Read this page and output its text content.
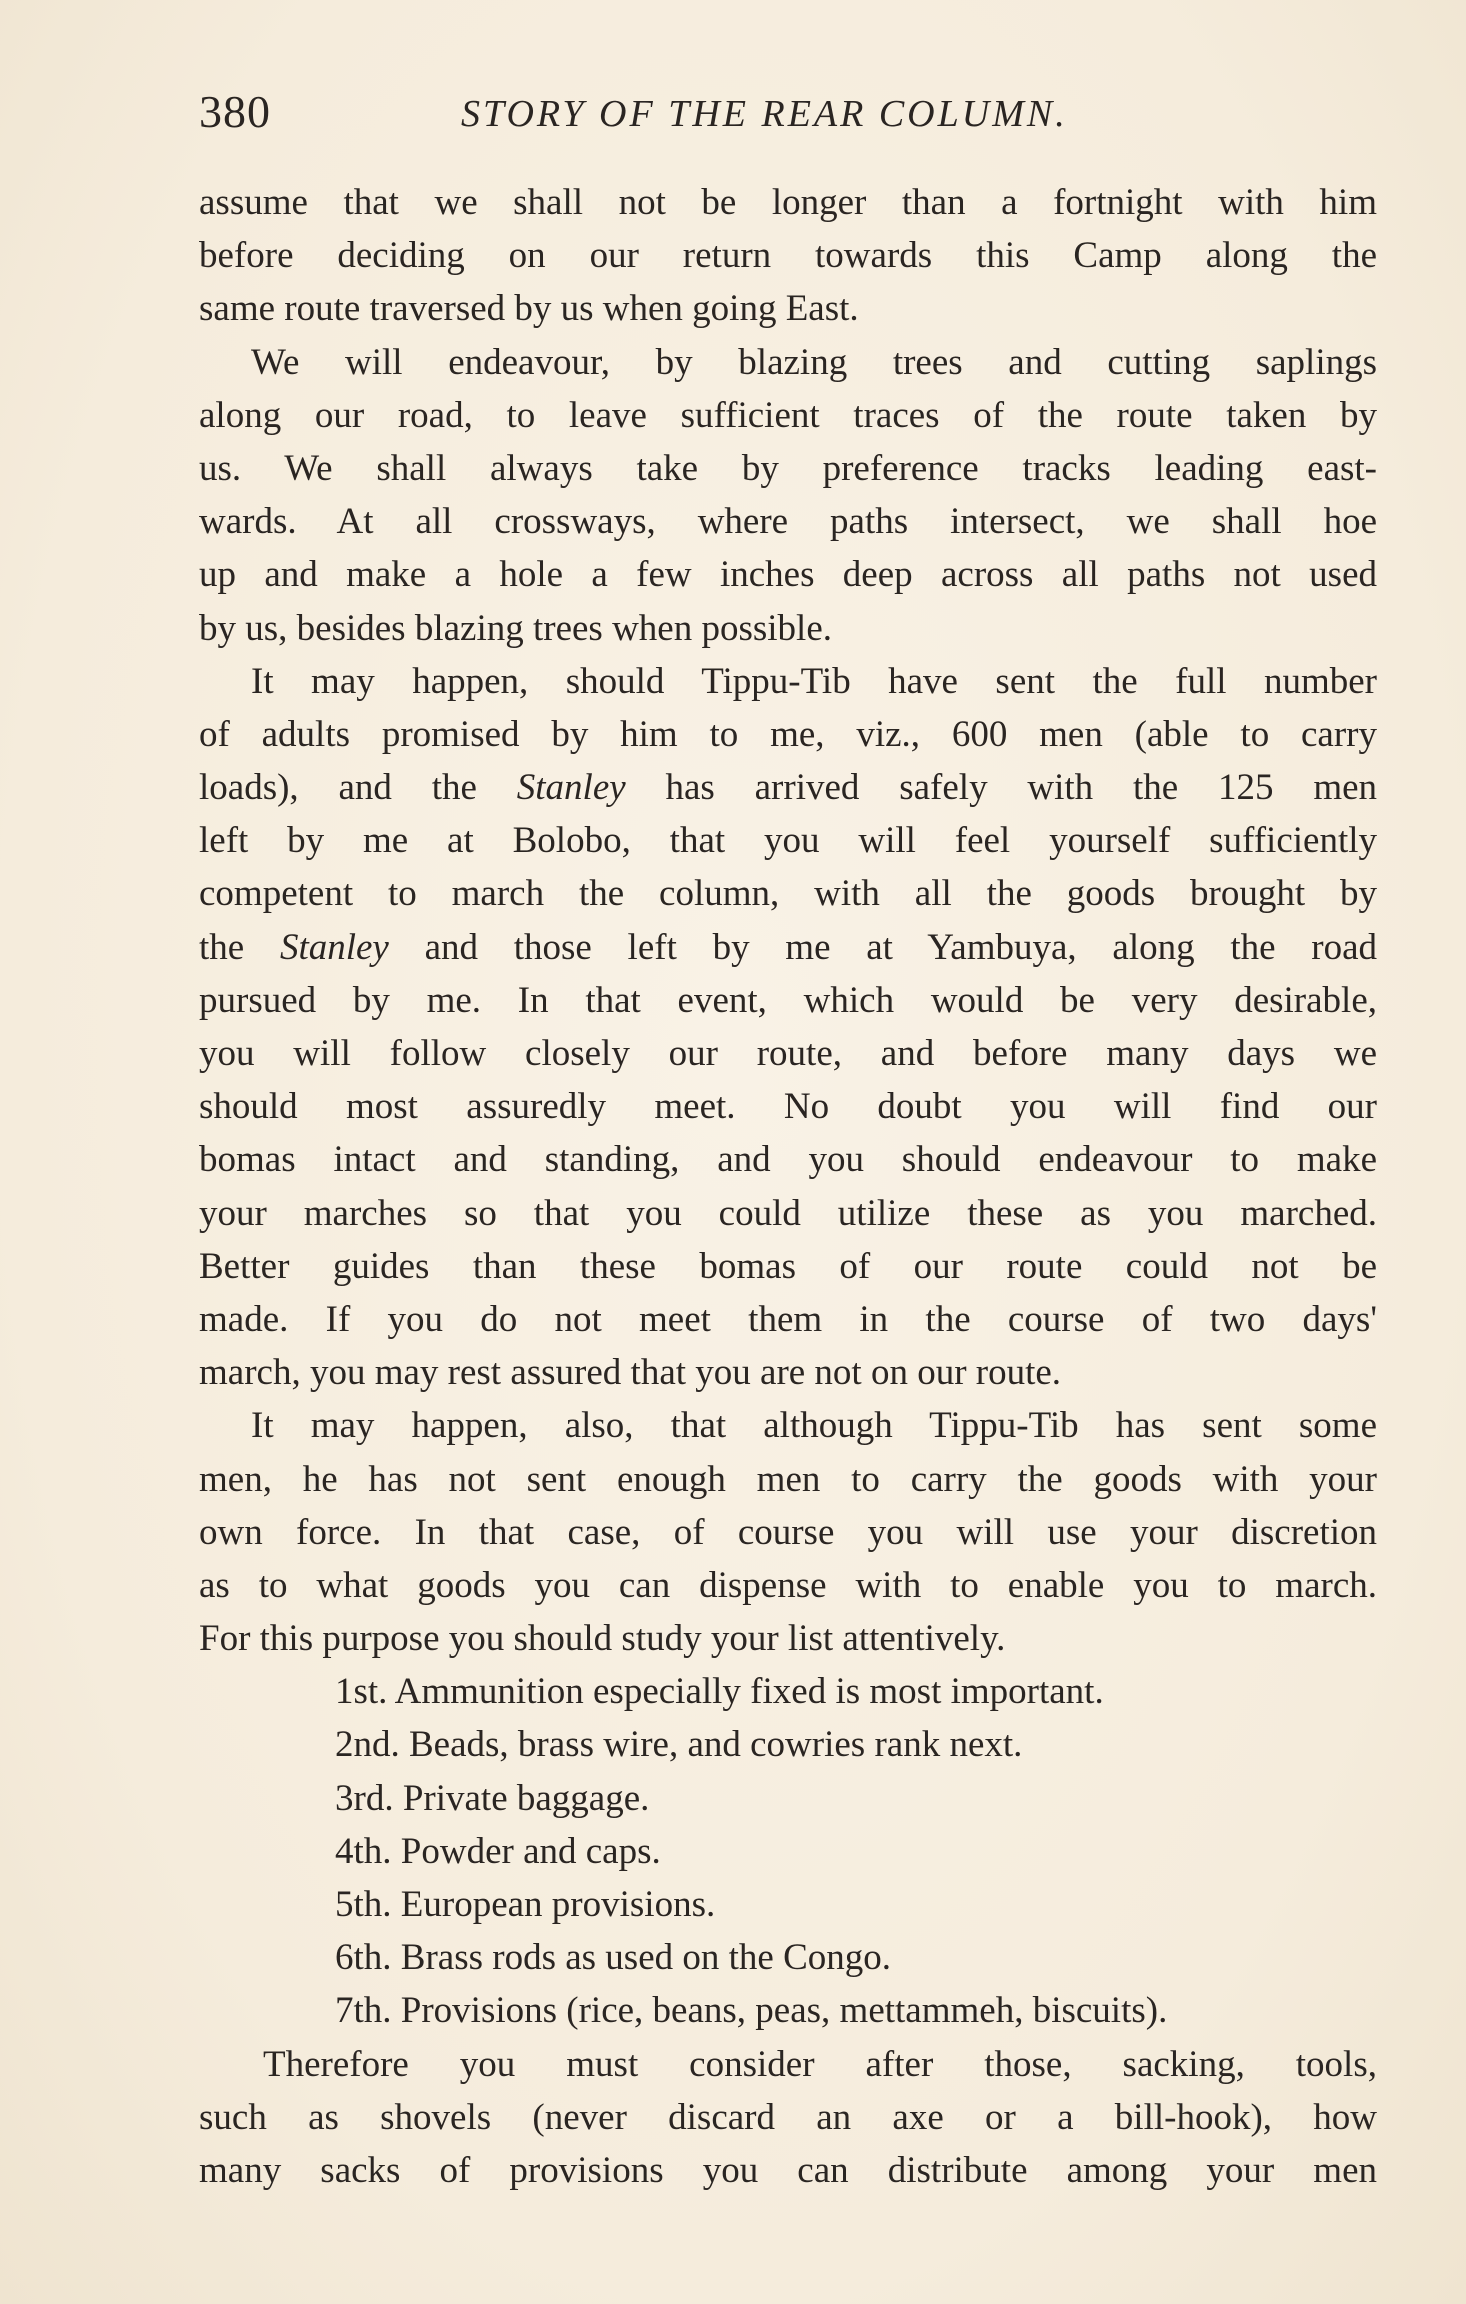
380	STORY OF THE REAR COLUMN.
assume that we shall not be longer than a fortnight with him
before deciding on our return towards this Camp along the
same route traversed by us when going East.
We will endeavour, by blazing trees and cutting saplings
along our road, to leave sufficient traces of the route taken by
us. We shall always take by preference tracks leading east-
wards. At all crossways, where paths intersect, we shall hoe
up and make a hole a few inches deep across all paths not used
by us, besides blazing trees when possible.
It may happen, should Tippu-Tib have sent the full number
of adults promised by him to me, viz., 600 men (able to carry
loads), and the Stanley has arrived safely with the 125 men
left by me at Bolobo, that you will feel yourself sufficiently
competent to march the column, with all the goods brought by
the Stanley and those left by me at Yambuya, along the road
pursued by me. In that event, which would be very desirable,
you will follow closely our route, and before many days we
should most assuredly meet. No doubt you will find our
bomas intact and standing, and you should endeavour to make
your marches so that you could utilize these as you marched.
Better guides than these bomas of our route could not be
made. If you do not meet them in the course of two days'
march, you may rest assured that you are not on our route.
It may happen, also, that although Tippu-Tib has sent some
men, he has not sent enough men to carry the goods with your
own force. In that case, of course you will use your discretion
as to what goods you can dispense with to enable you to march.
For this purpose you should study your list attentively.
1st. Ammunition especially fixed is most important.
2nd. Beads, brass wire, and cowries rank next.
3rd. Private baggage.
4th. Powder and caps.
5th. European provisions.
6th. Brass rods as used on the Congo.
7th. Provisions (rice, beans, peas, mettammeh, biscuits).
Therefore you must consider after those, sacking, tools,
such as shovels (never discard an axe or a bill-hook), how
many sacks of provisions you can distribute among your men
